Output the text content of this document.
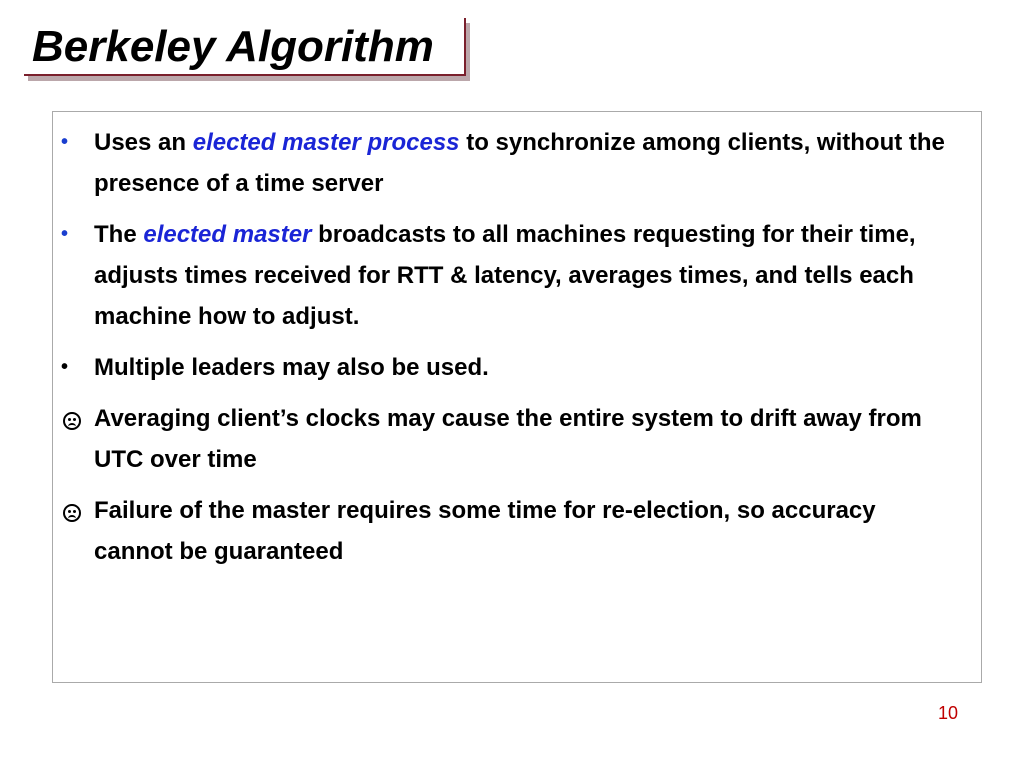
Berkeley Algorithm
•	Uses an elected master process to synchronize among clients, without the presence of a time server
•	The elected master broadcasts to all machines requesting for their time, adjusts times received for RTT & latency, averages times, and tells each machine how to adjust.
•	Multiple leaders may also be used.
Averaging client’s clocks may cause the entire system to drift away from UTC over time
Failure of the master requires some time for re-election, so accuracy cannot be guaranteed
10
